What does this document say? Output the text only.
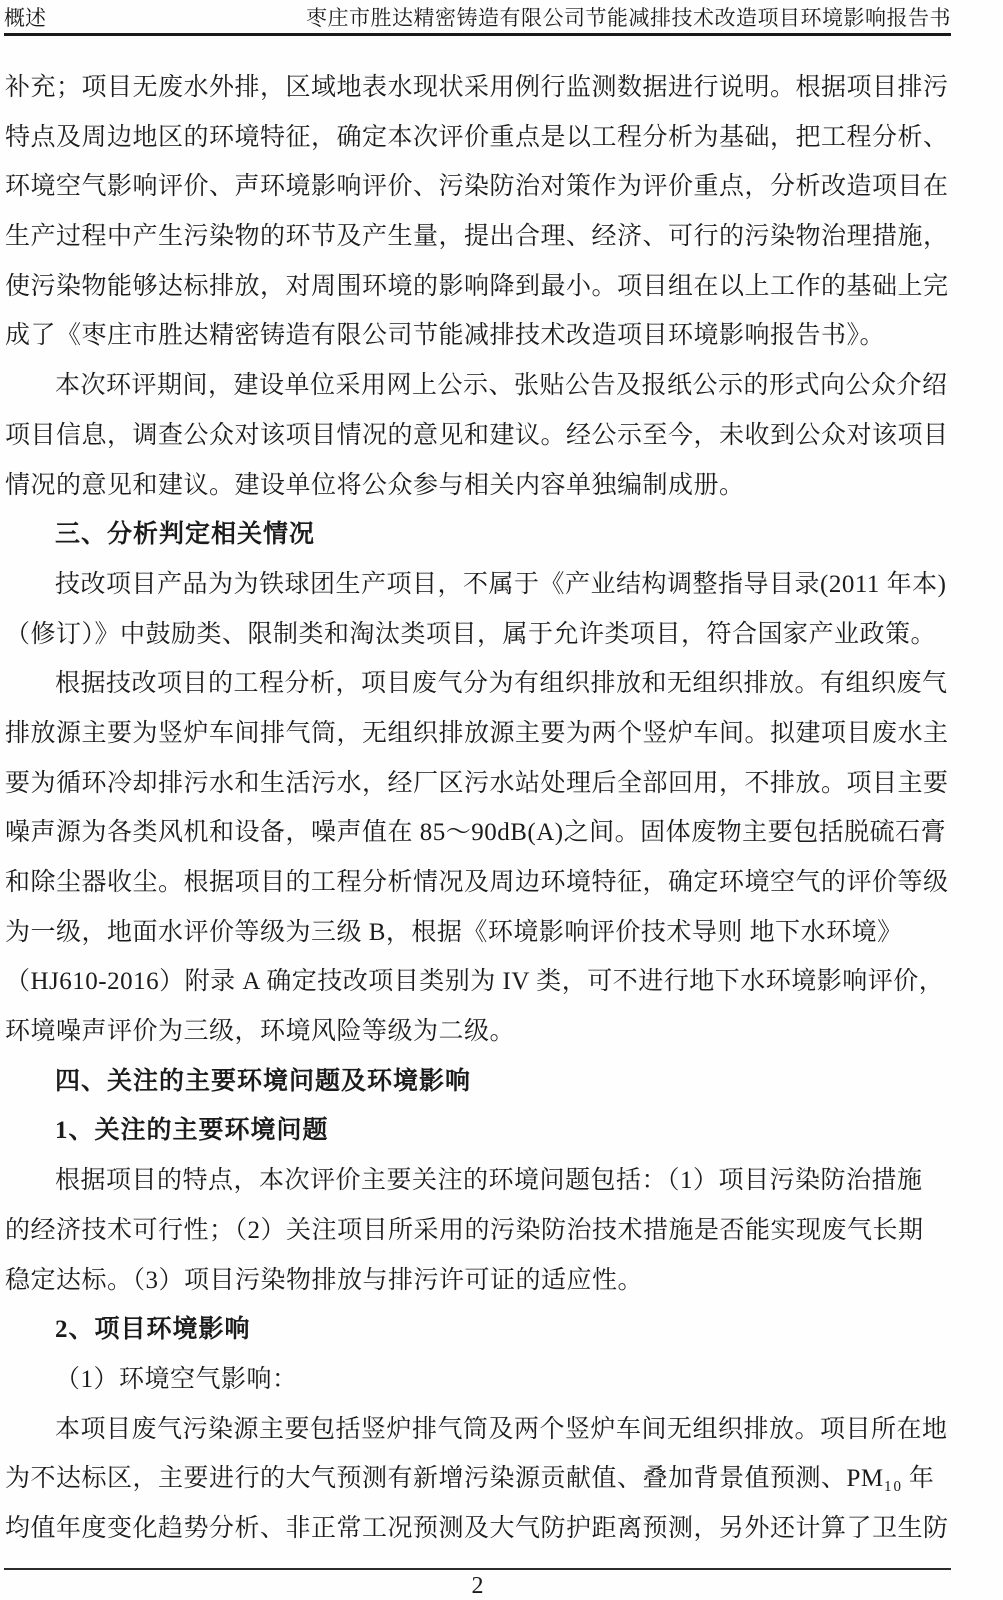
概述	枣庄市胜达精密铸造有限公司节能减排技术改造项目环境影响报告书
补充；项目无废水外排，区域地表水现状采用例行监测数据进行说明。根据项目排污
特点及周边地区的环境特征，确定本次评价重点是以工程分析为基础，把工程分析、
环境空气影响评价、声环境影响评价、污染防治对策作为评价重点，分析改造项目在
生产过程中产生污染物的环节及产生量，提出合理、经济、可行的污染物治理措施，
使污染物能够达标排放，对周围环境的影响降到最小。项目组在以上工作的基础上完
成了《枣庄市胜达精密铸造有限公司节能减排技术改造项目环境影响报告书》。
本次环评期间，建设单位采用网上公示、张贴公告及报纸公示的形式向公众介绍
项目信息，调查公众对该项目情况的意见和建议。经公示至今，未收到公众对该项目
情况的意见和建议。建设单位将公众参与相关内容单独编制成册。
三、分析判定相关情况
技改项目产品为为铁球团生产项目，不属于《产业结构调整指导目录(2011 年本)
（修订）》中鼓励类、限制类和淘汰类项目，属于允许类项目，符合国家产业政策。
根据技改项目的工程分析，项目废气分为有组织排放和无组织排放。有组织废气
排放源主要为竖炉车间排气筒，无组织排放源主要为两个竖炉车间。拟建项目废水主
要为循环冷却排污水和生活污水，经厂区污水站处理后全部回用，不排放。项目主要
噪声源为各类风机和设备，噪声值在 85～90dB(A)之间。固体废物主要包括脱硫石膏
和除尘器收尘。根据项目的工程分析情况及周边环境特征，确定环境空气的评价等级
为一级，地面水评价等级为三级 B，根据《环境影响评价技术导则 地下水环境》
（HJ610-2016）附录 A 确定技改项目类别为 IV 类，可不进行地下水环境影响评价，
环境噪声评价为三级，环境风险等级为二级。
四、关注的主要环境问题及环境影响
1、关注的主要环境问题
根据项目的特点，本次评价主要关注的环境问题包括：（1）项目污染防治措施
的经济技术可行性；（2）关注项目所采用的污染防治技术措施是否能实现废气长期
稳定达标。（3）项目污染物排放与排污许可证的适应性。
2、项目环境影响
（1）环境空气影响：
本项目废气污染源主要包括竖炉排气筒及两个竖炉车间无组织排放。项目所在地
为不达标区，主要进行的大气预测有新增污染源贡献值、叠加背景值预测、PM₁₀ 年
均值年度变化趋势分析、非正常工况预测及大气防护距离预测，另外还计算了卫生防
2
